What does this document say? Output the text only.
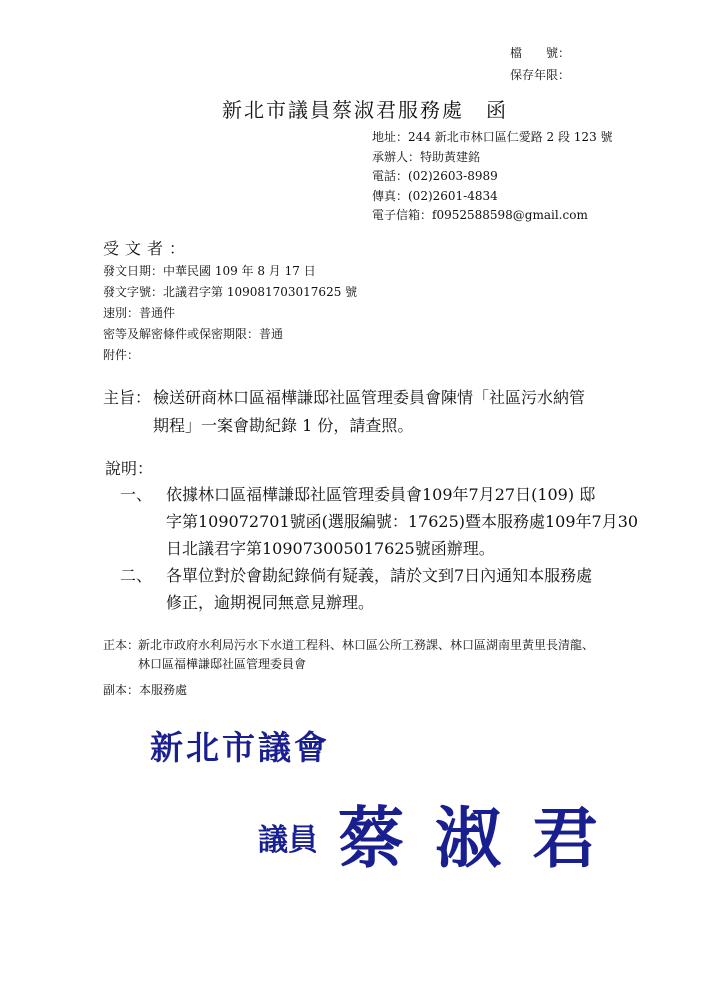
檔　　號：
保存年限：
新北市議員蔡淑君服務處　函
地址：244 新北市林口區仁愛路 2 段 123 號
承辦人：特助黃建銘
電話：(02)2603-8989
傳真：(02)2601-4834
電子信箱：f0952588598@gmail.com
受文者：
發文日期：中華民國 109 年 8 月 17 日
發文字號：北議君字第 109081703017625 號
速別：普通件
密等及解密條件或保密期限：普通
附件：
主旨： 檢送研商林口區福樺謙邸社區管理委員會陳情「社區污水納管
期程」一案會勘紀錄 1 份，請查照。
說明：
一、 依據林口區福樺謙邸社區管理委員會109年7月27日(109) 邸
字第109072701號函(選服編號：17625)暨本服務處109年7月30
日北議君字第109073005017625號函辦理。
二、 各單位對於會勘紀錄倘有疑義，請於文到7日內通知本服務處
修正，逾期視同無意見辦理。
正本：
新北市政府水利局污水下水道工程科、林口區公所工務課、林口區湖南里黃里長清龍、
林口區福樺謙邸社區管理委員會
副本：本服務處
新北市議會
議員 蔡 淑 君
